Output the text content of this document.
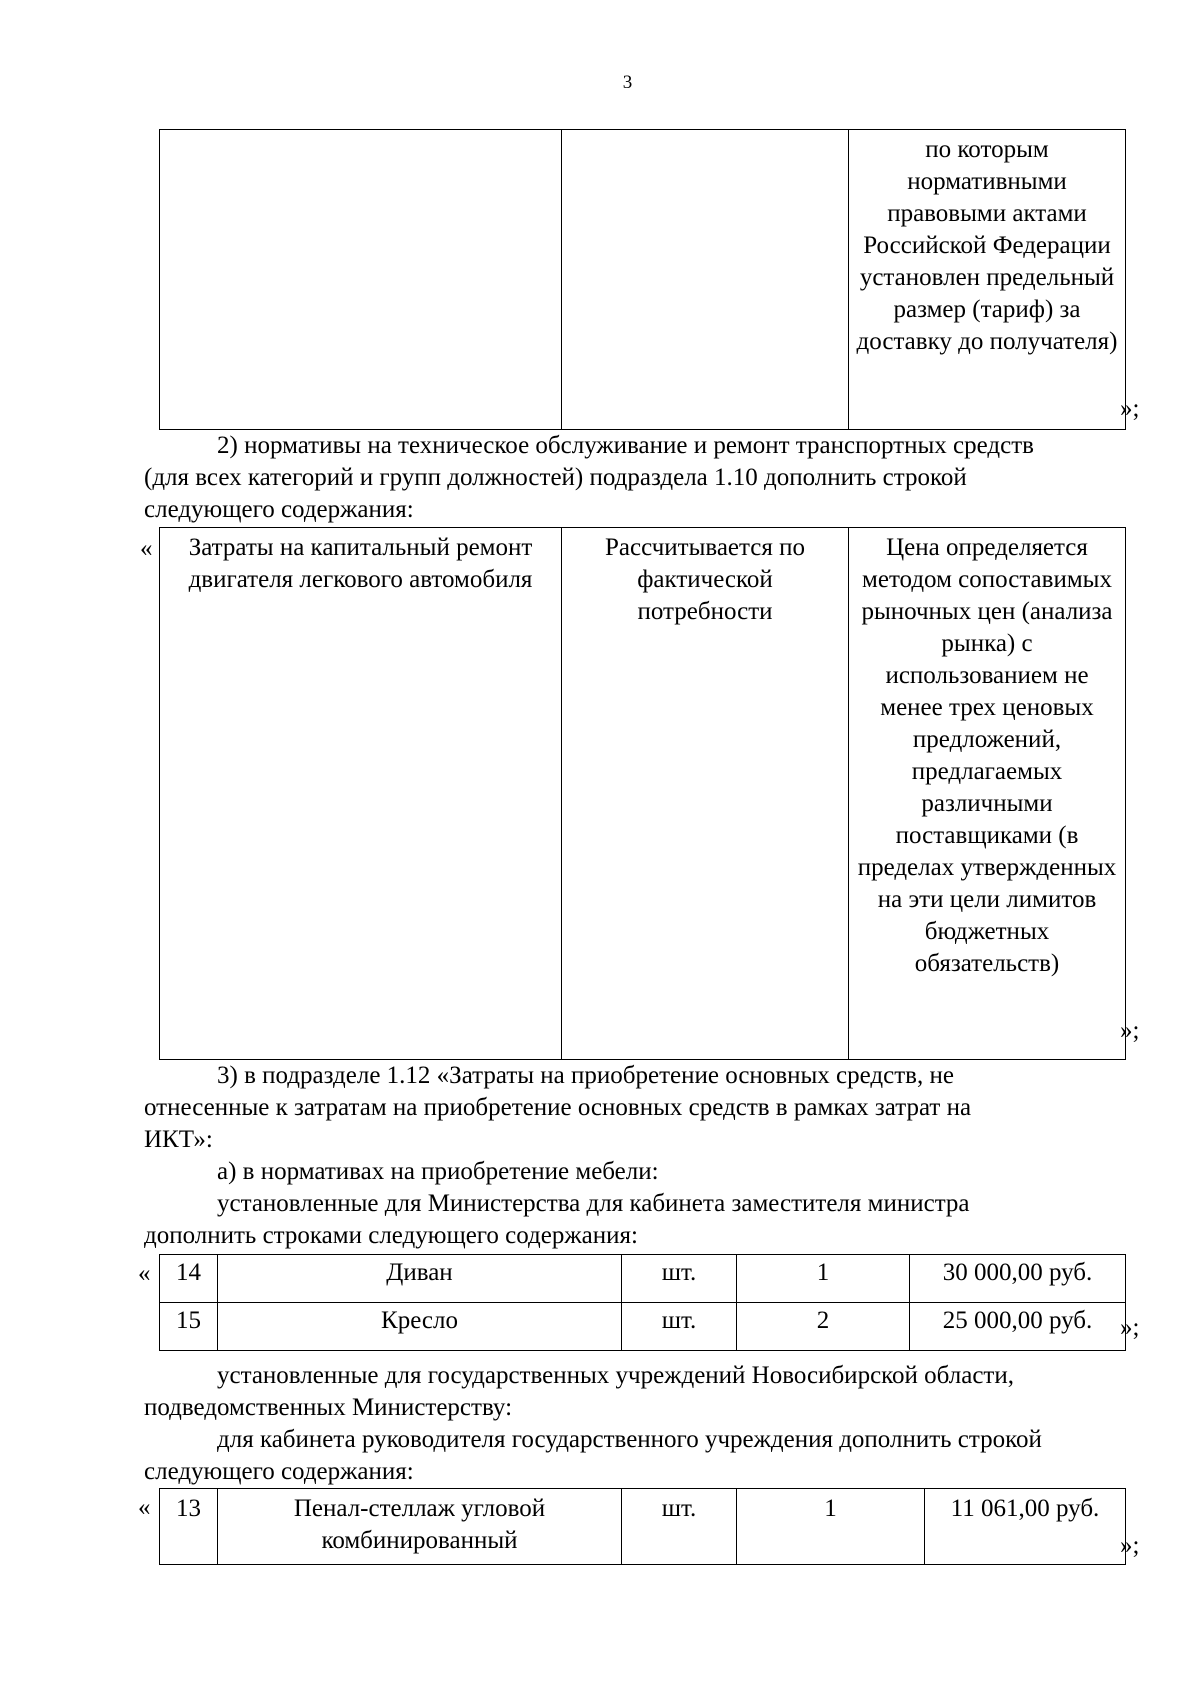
3
		по которым нормативными правовыми актами Российской Федерации установлен предельный размер (тариф) за доставку до получателя)
»;
2) нормативы на техническое обслуживание и ремонт транспортных средств
(для всех категорий и групп должностей) подраздела 1.10 дополнить строкой
следующего содержания:
« Затраты на капитальный ремонт двигателя легкового автомобиля	Рассчитывается по фактической потребности	Цена определяется методом сопоставимых рыночных цен (анализа рынка) с использованием не менее трех ценовых предложений, предлагаемых различными поставщиками (в пределах утвержденных на эти цели лимитов бюджетных обязательств)
»;
3) в подразделе 1.12 «Затраты на приобретение основных средств, не
отнесенные к затратам на приобретение основных средств в рамках затрат на
ИКТ»:
а) в нормативах на приобретение мебели:
установленные для Министерства для кабинета заместителя министра
дополнить строками следующего содержания:
« 14	Диван	шт.	1	30 000,00 руб.
15	Кресло	шт.	2	25 000,00 руб. »;
установленные для государственных учреждений Новосибирской области,
подведомственных Министерству:
для кабинета руководителя государственного учреждения дополнить строкой
следующего содержания:
« 13	Пенал-стеллаж угловой комбинированный	шт.	1	11 061,00 руб.
»;
